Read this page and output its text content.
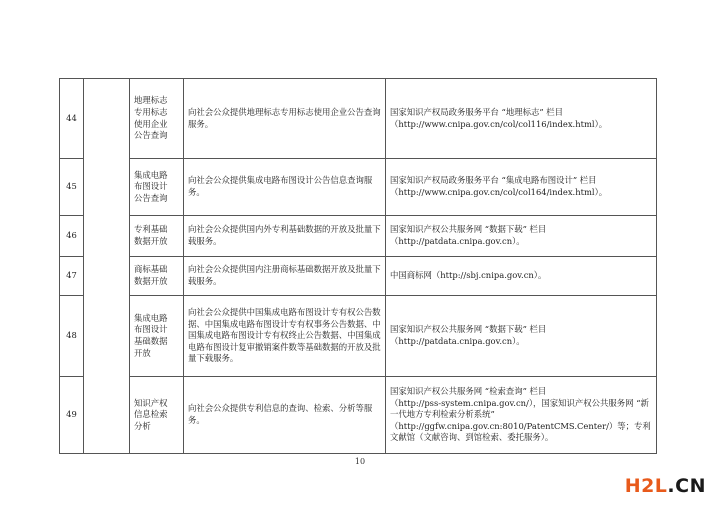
44		地理标志
专用标志
使用企业
公告查询	向社会公众提供地理标志专用标志使用企业公告查询服务。	国家知识产权局政务服务平台 “地理标志” 栏目
（http://www.cnipa.gov.cn/col/col116/index.html）。
45		集成电路
布图设计
公告查询	向社会公众提供集成电路布图设计公告信息查询服务。	国家知识产权局政务服务平台 “集成电路布图设计” 栏目
（http://www.cnipa.gov.cn/col/col164/index.html）。
46		专利基础
数据开放	向社会公众提供国内外专利基础数据的开放及批量下载服务。	国家知识产权公共服务网 “数据下载” 栏目
（http://patdata.cnipa.gov.cn）。
47		商标基础
数据开放	向社会公众提供国内注册商标基础数据开放及批量下载服务。	中国商标网（http://sbj.cnipa.gov.cn）。
48		集成电路
布图设计
基础数据
开放	向社会公众提供中国集成电路布图设计专有权公告数据、中国集成电路布图设计专有权事务公告数据、中国集成电路布图设计专有权终止公告数据、中国集成电路布图设计复审撤销案件数等基础数据的开放及批量下载服务。	国家知识产权公共服务网 “数据下载” 栏目
（http://patdata.cnipa.gov.cn）。
49		知识产权
信息检索
分析	向社会公众提供专利信息的查询、检索、分析等服务。	国家知识产权公共服务网 “检索查询” 栏目
（http://pss-system.cnipa.gov.cn/），国家知识产权公共服务网 “新一代地方专利检索分析系统”
（http://ggfw.cnipa.gov.cn:8010/PatentCMS.Center/）等；专利文献馆（文献咨询、到馆检索、委托服务）。
10
H2L.CN
